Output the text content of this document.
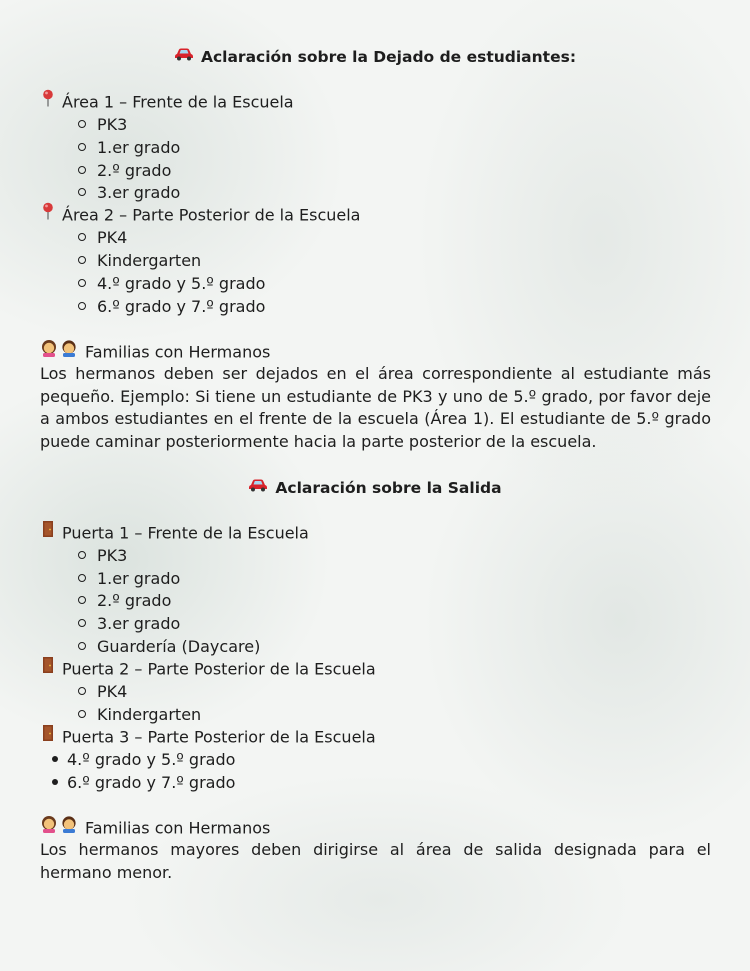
Aclaración sobre la Dejado de estudiantes:
Área 1 – Frente de la Escuela
PK3
1.er grado
2.º grado
3.er grado
Área 2 – Parte Posterior de la Escuela
PK4
Kindergarten
4.º grado y 5.º grado
6.º grado y 7.º grado
Familias con Hermanos
Los hermanos deben ser dejados en el área correspondiente al estudiante más pequeño. Ejemplo: Si tiene un estudiante de PK3 y uno de 5.º grado, por favor deje a ambos estudiantes en el frente de la escuela (Área 1). El estudiante de 5.º grado puede caminar posteriormente hacia la parte posterior de la escuela.
Aclaración sobre la Salida
Puerta 1 – Frente de la Escuela
PK3
1.er grado
2.º grado
3.er grado
Guardería (Daycare)
Puerta 2 – Parte Posterior de la Escuela
PK4
Kindergarten
Puerta 3 – Parte Posterior de la Escuela
4.º grado y 5.º grado
6.º grado y 7.º grado
Familias con Hermanos
Los hermanos mayores deben dirigirse al área de salida designada para el hermano menor.
